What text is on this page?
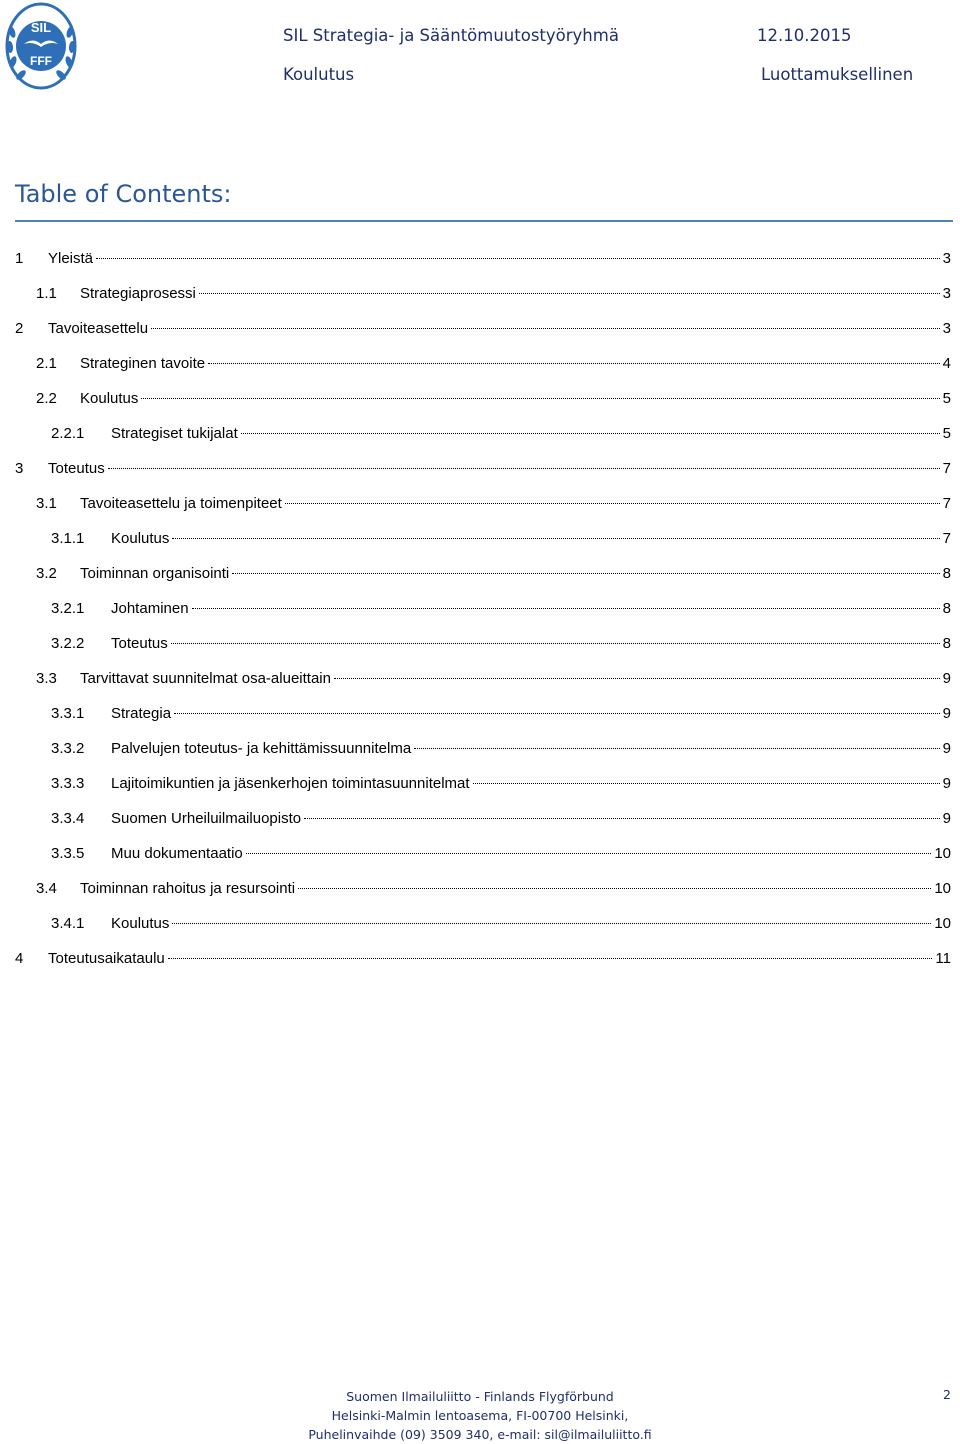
SIL
FFF
SIL Strategia- ja Sääntömuutostyöryhmä	12.10.2015
Koulutus	Luottamuksellinen
Table of Contents:
1	Yleistä	3
1.1	Strategiaprosessi	3
2	Tavoiteasettelu	3
2.1	Strateginen tavoite	4
2.2	Koulutus	5
2.2.1	Strategiset tukijalat	5
3	Toteutus	7
3.1	Tavoiteasettelu ja toimenpiteet	7
3.1.1	Koulutus	7
3.2	Toiminnan organisointi	8
3.2.1	Johtaminen	8
3.2.2	Toteutus	8
3.3	Tarvittavat suunnitelmat osa-alueittain	9
3.3.1	Strategia	9
3.3.2	Palvelujen toteutus- ja kehittämissuunnitelma	9
3.3.3	Lajitoimikuntien ja jäsenkerhojen toimintasuunnitelmat	9
3.3.4	Suomen Urheiluilmailuopisto	9
3.3.5	Muu dokumentaatio	10
3.4	Toiminnan rahoitus ja resursointi	10
3.4.1	Koulutus	10
4	Toteutusaikataulu	11
Suomen Ilmailuliitto - Finlands Flygförbund
Helsinki-Malmin lentoasema, FI-00700 Helsinki,
Puhelinvaihde (09) 3509 340, e-mail: sil@ilmailuliitto.fi
2
